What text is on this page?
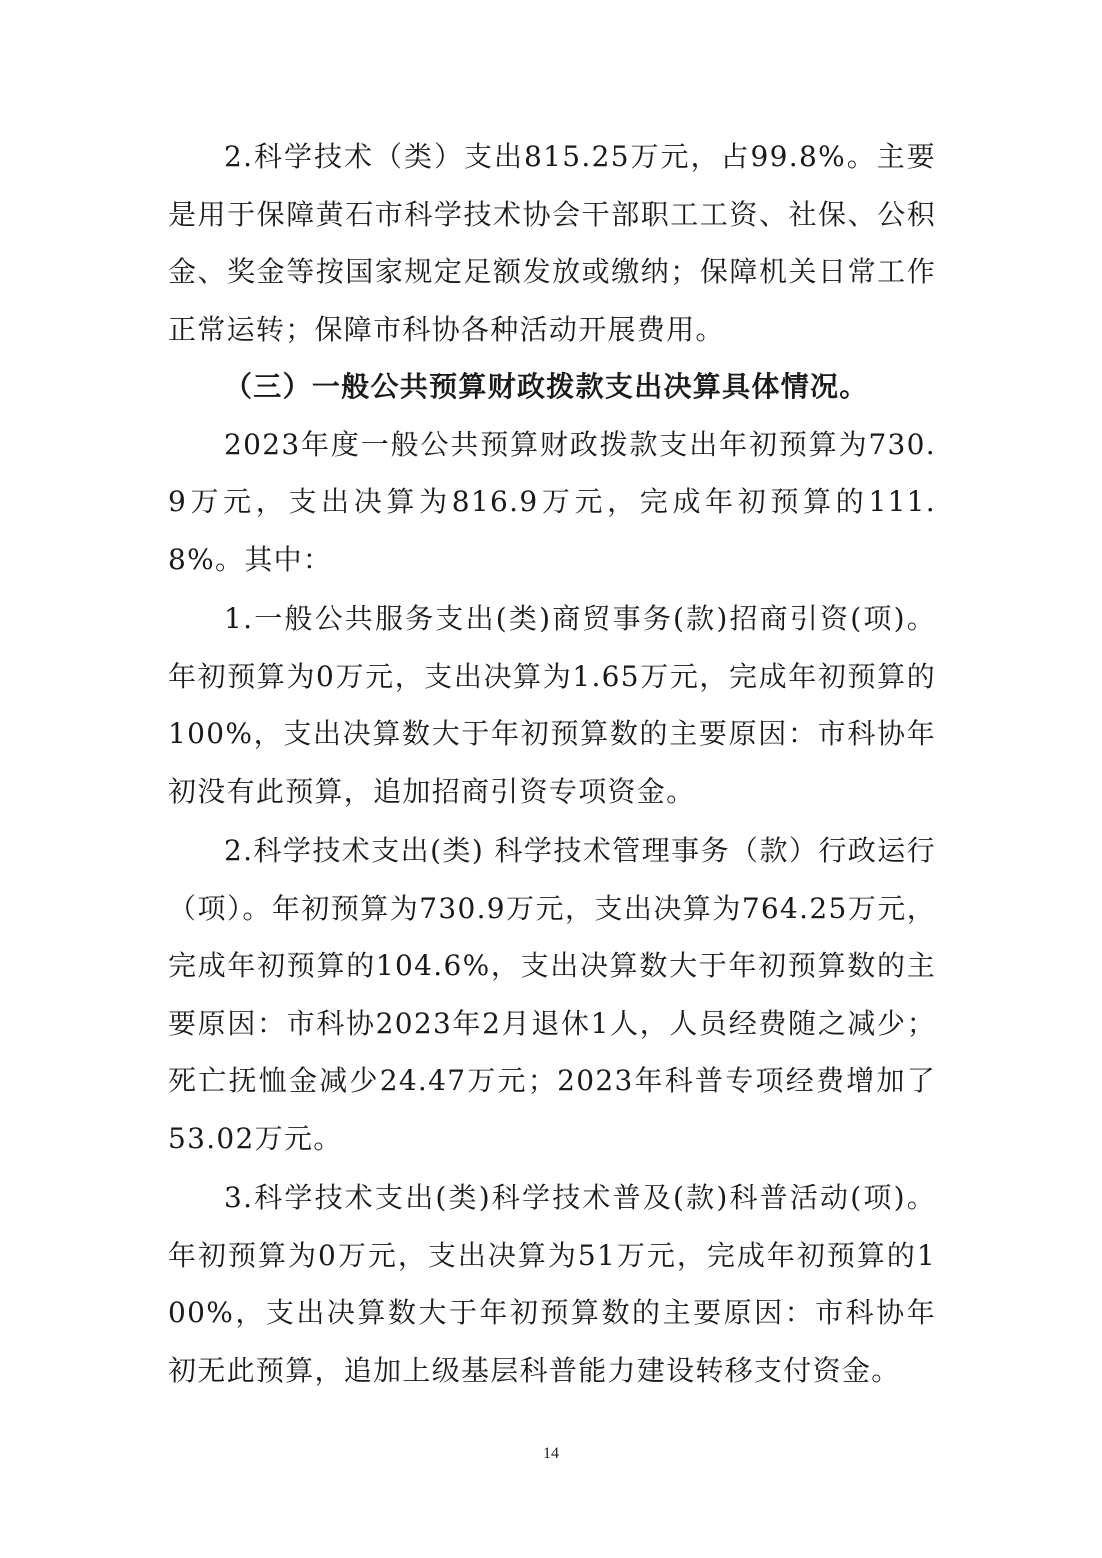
2.科学技术（类）支出815.25万元，占99.8%。主要是用于保障黄石市科学技术协会干部职工工资、社保、公积金、奖金等按国家规定足额发放或缴纳；保障机关日常工作正常运转；保障市科协各种活动开展费用。

（三）一般公共预算财政拨款支出决算具体情况。

2023年度一般公共预算财政拨款支出年初预算为730.9万元，支出决算为816.9万元，完成年初预算的111.8%。其中：

1.一般公共服务支出(类)商贸事务(款)招商引资(项)。年初预算为0万元，支出决算为1.65万元，完成年初预算的100%，支出决算数大于年初预算数的主要原因：市科协年初没有此预算，追加招商引资专项资金。

2.科学技术支出(类) 科学技术管理事务（款）行政运行（项）。年初预算为730.9万元，支出决算为764.25万元，完成年初预算的104.6%，支出决算数大于年初预算数的主要原因：市科协2023年2月退休1人，人员经费随之减少；死亡抚恤金减少24.47万元；2023年科普专项经费增加了53.02万元。

3.科学技术支出(类)科学技术普及(款)科普活动(项)。年初预算为0万元，支出决算为51万元，完成年初预算的100%，支出决算数大于年初预算数的主要原因：市科协年初无此预算，追加上级基层科普能力建设转移支付资金。

14
